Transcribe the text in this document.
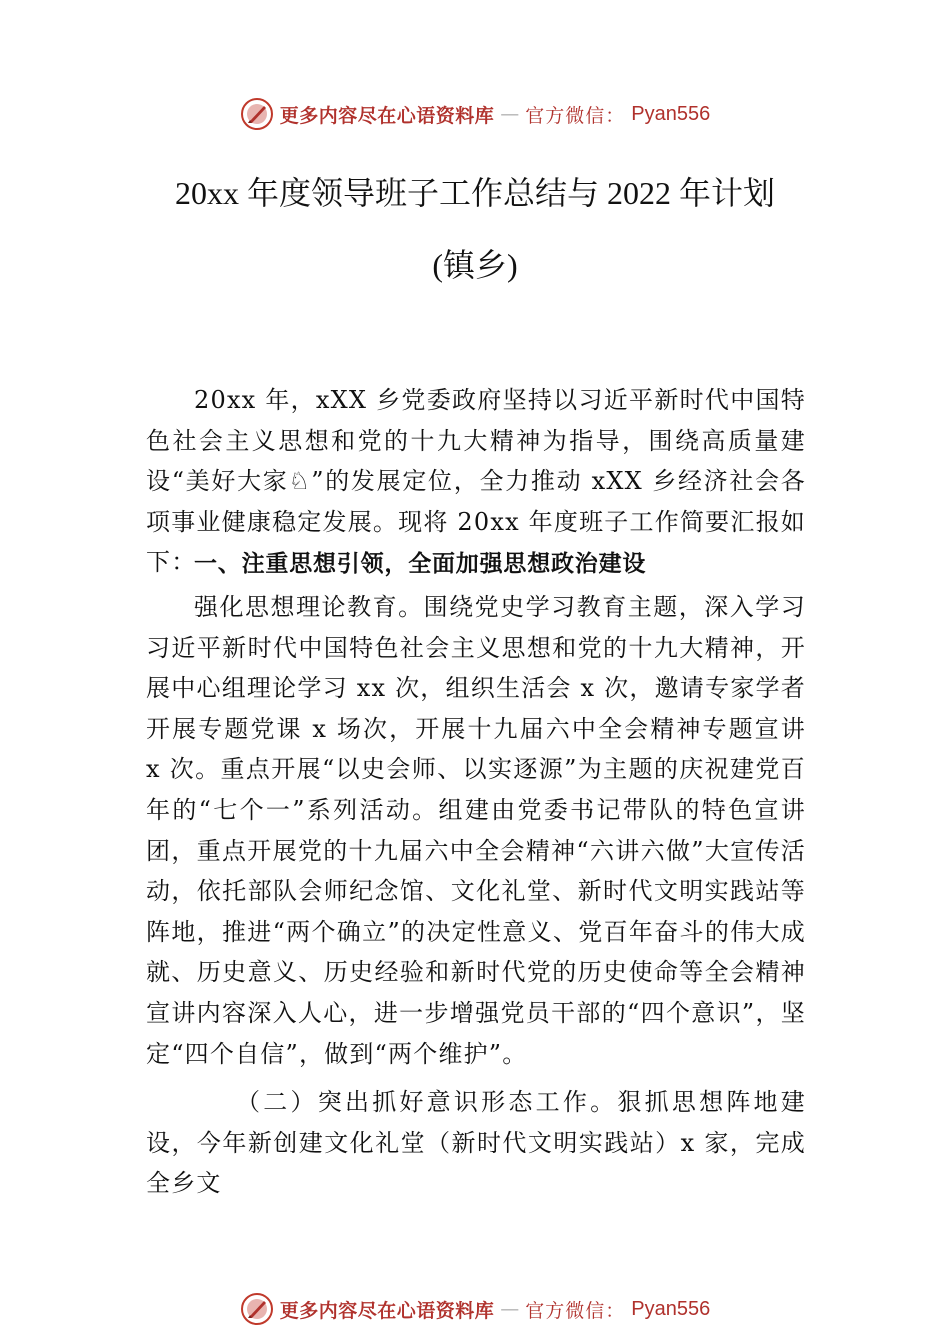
更多内容尽在心语资料库 — 官方微信： Pyan556
20xx 年度领导班子工作总结与 2022 年计划
(镇乡)
20xx 年，xXX 乡党委政府坚持以习近平新时代中国特色社会主义思想和党的十九大精神为指导，围绕高质量建设“美好大家♘”的发展定位，全力推动 xXX 乡经济社会各项事业健康稳定发展。现将 20xx 年度班子工作简要汇报如下：
一、注重思想引领，全面加强思想政治建设
强化思想理论教育。围绕党史学习教育主题，深入学习习近平新时代中国特色社会主义思想和党的十九大精神，开展中心组理论学习 xx 次，组织生活会 x 次，邀请专家学者开展专题党课 x 场次，开展十九届六中全会精神专题宣讲 x 次。重点开展“以史会师、以实逐源”为主题的庆祝建党百年的“七个一”系列活动。组建由党委书记带队的特色宣讲团，重点开展党的十九届六中全会精神“六讲六做”大宣传活动，依托部队会师纪念馆、文化礼堂、新时代文明实践站等阵地，推进“两个确立”的决定性意义、党百年奋斗的伟大成就、历史意义、历史经验和新时代党的历史使命等全会精神宣讲内容深入人心，进一步增强党员干部的“四个意识”，坚定“四个自信”，做到“两个维护”。
（二）突出抓好意识形态工作。狠抓思想阵地建设，今年新创建文化礼堂（新时代文明实践站）x 家，完成全乡文
更多内容尽在心语资料库 — 官方微信： Pyan556
